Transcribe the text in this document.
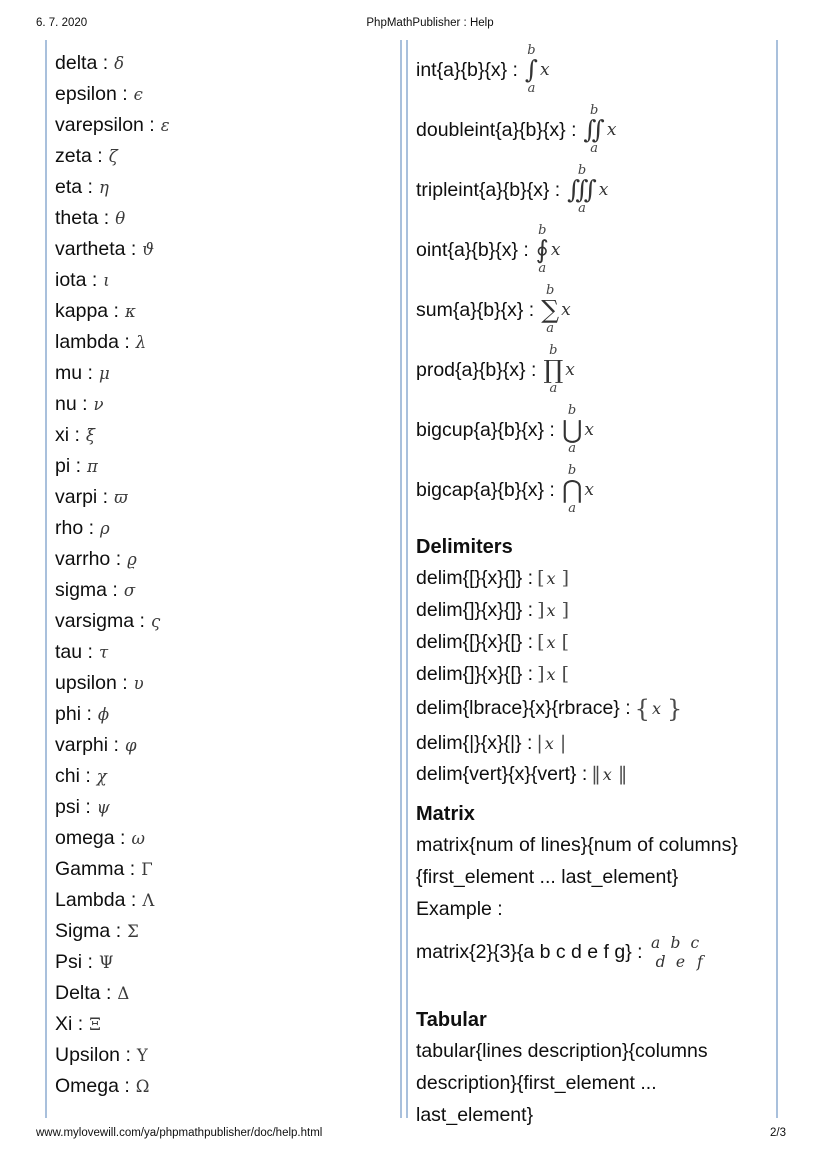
6. 7. 2020	PhpMathPublisher : Help
delta : δ
epsilon : ϵ
varepsilon : ε
zeta : ζ
eta : η
theta : θ
vartheta : ϑ
iota : ι
kappa : κ
lambda : λ
mu : μ
nu : ν
xi : ξ
pi : π
varpi : ϖ
rho : ρ
varrho : ϱ
sigma : σ
varsigma : ς
tau : τ
upsilon : υ
phi : ϕ
varphi : φ
chi : χ
psi : ψ
omega : ω
Gamma : Γ
Lambda : Λ
Sigma : Σ
Psi : Ψ
Delta : Δ
Xi : Ξ
Upsilon : Υ
Omega : Ω
int{a}{b}{x} :
b
∫
a
x
doubleint{a}{b}{x} :
b
∬
a
x
tripleint{a}{b}{x} :
b
∭
a
x
oint{a}{b}{x} :
b
∮
a
x
sum{a}{b}{x} :
b
∑
a
x
prod{a}{b}{x} :
b
∏
a
x
bigcup{a}{b}{x} :
b
⋃
a
x
bigcap{a}{b}{x} :
b
⋂
a
x
Delimiters
delim{[}{x}{]} : [ x ]
delim{]}{x}{]} : ] x ]
delim{[}{x}{[} : [ x [
delim{]}{x}{[} : ] x [
delim{lbrace}{x}{rbrace} : { x }
delim{|}{x}{|} : | x |
delim{vert}{x}{vert} : ‖ x ‖
Matrix
matrix{num of lines}{num of columns}
{first_element ... last_element}
Example :
matrix{2}{3}{a b c d e f g} : a b c
d e f
Tabular
tabular{lines description}{columns
description}{first_element ...
last_element}
www.mylovewill.com/ya/phpmathpublisher/doc/help.html	2/3
